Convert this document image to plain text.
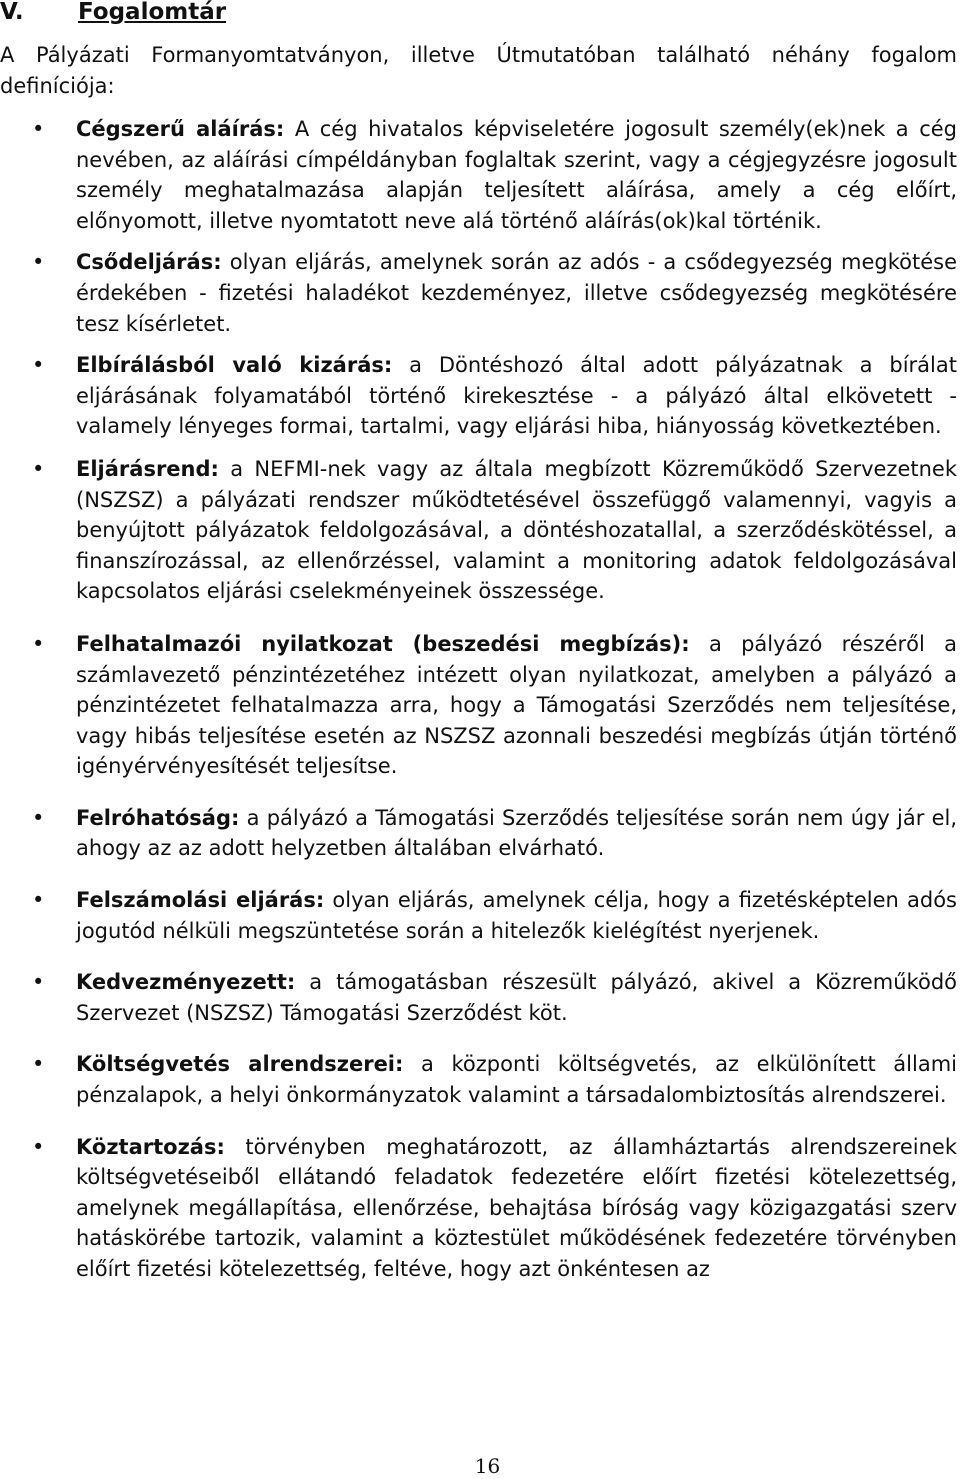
V. Fogalomtár

A Pályázati Formanyomtatványon, illetve Útmutatóban található néhány fogalom definíciója:

• Cégszerű aláírás: A cég hivatalos képviseletére jogosult személy(ek)nek a cég nevében, az aláírási címpéldányban foglaltak szerint, vagy a cégjegyzésre jogosult személy meghatalmazása alapján teljesített aláírása, amely a cég előírt, előnyomott, illetve nyomtatott neve alá történő aláírás(ok)kal történik.
• Csődeljárás: olyan eljárás, amelynek során az adós - a csődegyezség megkötése érdekében - fizetési haladékot kezdeményez, illetve csődegyezség megkötésére tesz kísérletet.
• Elbírálásból való kizárás: a Döntéshozó által adott pályázatnak a bírálat eljárásának folyamatából történő kirekesztése - a pályázó által elkövetett - valamely lényeges formai, tartalmi, vagy eljárási hiba, hiányosság következtében.
• Eljárásrend: a NEFMI-nek vagy az általa megbízott Közreműködő Szervezetnek (NSZSZ) a pályázati rendszer működtetésével összefüggő valamennyi, vagyis a benyújtott pályázatok feldolgozásával, a döntéshozatallal, a szerződéskötéssel, a finanszírozással, az ellenőrzéssel, valamint a monitoring adatok feldolgozásával kapcsolatos eljárási cselekményeinek összessége.
• Felhatalmazói nyilatkozat (beszedési megbízás): a pályázó részéről a számlavezető pénzintézetéhez intézett olyan nyilatkozat, amelyben a pályázó a pénzintézetet felhatalmazza arra, hogy a Támogatási Szerződés nem teljesítése, vagy hibás teljesítése esetén az NSZSZ azonnali beszedési megbízás útján történő igényérvényesítését teljesítse.
• Felróhatóság: a pályázó a Támogatási Szerződés teljesítése során nem úgy jár el, ahogy az az adott helyzetben általában elvárható.
• Felszámolási eljárás: olyan eljárás, amelynek célja, hogy a fizetésképtelen adós jogutód nélküli megszüntetése során a hitelezők kielégítést nyerjenek.
• Kedvezményezett: a támogatásban részesült pályázó, akivel a Közreműködő Szervezet (NSZSZ) Támogatási Szerződést köt.
• Költségvetés alrendszerei: a központi költségvetés, az elkülönített állami pénzalapok, a helyi önkormányzatok valamint a társadalombiztosítás alrendszerei.
• Köztartozás: törvényben meghatározott, az államháztartás alrendszereinek költségvetéseiből ellátandó feladatok fedezetére előírt fizetési kötelezettség, amelynek megállapítása, ellenőrzése, behajtása bíróság vagy közigazgatási szerv hatáskörébe tartozik, valamint a köztestület működésének fedezetére törvényben előírt fizetési kötelezettség, feltéve, hogy azt önkéntesen az
16
